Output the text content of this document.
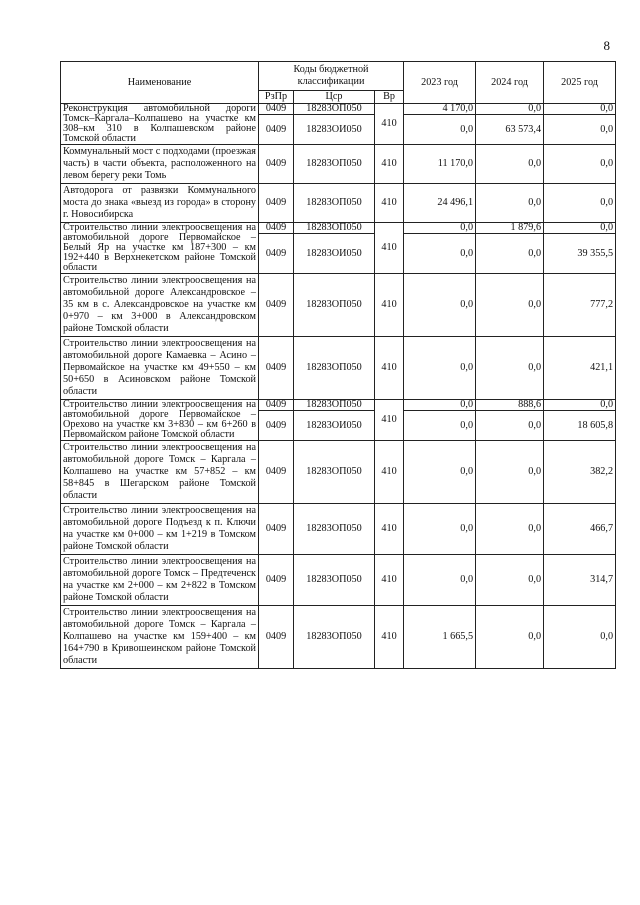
8
Наименование	Коды бюджетной классификации			2023 год	2024 год	2025 год
	РзПр	Цср	Вр			
Реконструкция автомобильной дороги Томск–Каргала–Колпашево на участке км 308–км 310 в Колпашевском районе Томской области	0409	18283ОП050	410	4 170,0	0,0	0,0
	0409	18283ОИ050		0,0	63 573,4	0,0
Коммунальный мост с подходами (проезжая часть) в части объекта, расположенного на левом берегу реки Томь	0409	18283ОП050	410	11 170,0	0,0	0,0
Автодорога от развязки Коммунального моста до знака «выезд из города» в сторону г. Новосибирска	0409	18283ОП050	410	24 496,1	0,0	0,0
Строительство линии электроосвещения на автомобильной дороге Первомайское – Белый Яр на участке км 187+300 – км 192+440 в Верхнекетском районе Томской области	0409	18283ОП050	410	0,0	1 879,6	0,0
	0409	18283ОИ050		0,0	0,0	39 355,5
Строительство линии электроосвещения на автомобильной дороге Александровское – 35 км в с. Александровское на участке км 0+970 – км 3+000 в Александровском районе Томской области	0409	18283ОП050	410	0,0	0,0	777,2
Строительство линии электроосвещения на автомобильной дороге Камаевка – Асино – Первомайское на участке км 49+550 – км 50+650 в Асиновском районе Томской области	0409	18283ОП050	410	0,0	0,0	421,1
Строительство линии электроосвещения на автомобильной дороге Первомайское – Орехово на участке км 3+830 – км 6+260 в Первомайском районе Томской области	0409	18283ОП050	410	0,0	888,6	0,0
	0409	18283ОИ050		0,0	0,0	18 605,8
Строительство линии электроосвещения на автомобильной дороге Томск – Каргала – Колпашево на участке км 57+852 – км 58+845 в Шегарском районе Томской области	0409	18283ОП050	410	0,0	0,0	382,2
Строительство линии электроосвещения на автомобильной дороге Подъезд к п. Ключи на участке км 0+000 – км 1+219 в Томском районе Томской области	0409	18283ОП050	410	0,0	0,0	466,7
Строительство линии электроосвещения на автомобильной дороге Томск – Предтеченск на участке км 2+000 – км 2+822 в Томском районе Томской области	0409	18283ОП050	410	0,0	0,0	314,7
Строительство линии электроосвещения на автомобильной дороге Томск – Каргала – Колпашево на участке км 159+400 – км 164+790 в Кривошеинском районе Томской области	0409	18283ОП050	410	1 665,5	0,0	0,0
